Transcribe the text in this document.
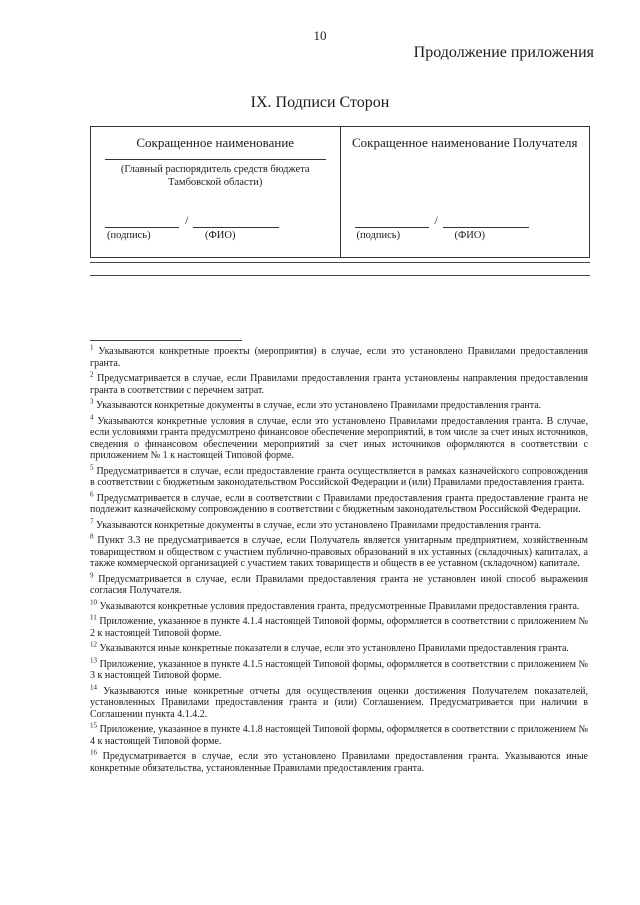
10
Продолжение приложения
IX. Подписи Сторон
Сокращенное наименование
(Главный распорядитель средств бюджета Тамбовской области)
/
(подпись)	(ФИО)
Сокращенное наименование Получателя
/
(подпись)	(ФИО)

$^1$ Указываются конкретные проекты (мероприятия) в случае, если это установлено Правилами предоставления гранта.

$^2$ Предусматривается в случае, если Правилами предоставления гранта установлены направления предоставления гранта в соответствии с перечнем затрат.

$^3$ Указываются конкретные документы в случае, если это установлено Правилами предоставления гранта.

$^4$ Указываются конкретные условия в случае, если это установлено Правилами предоставления гранта. В случае, если условиями гранта предусмотрено финансовое обеспечение мероприятий, в том числе за счет иных источников, сведения о финансовом обеспечении мероприятий за счет иных источников оформляются в соответствии с приложением № 1 к настоящей Типовой форме.

$^5$ Предусматривается в случае, если предоставление гранта осуществляется в рамках казначейского сопровождения в соответствии с бюджетным законодательством Российской Федерации и (или) Правилами предоставления гранта.

$^6$ Предусматривается в случае, если в соответствии с Правилами предоставления гранта предоставление гранта не подлежит казначейскому сопровождению в соответствии с бюджетным законодательством Российской Федерации.

$^7$ Указываются конкретные документы в случае, если это установлено Правилами предоставления гранта.

$^8$ Пункт 3.3 не предусматривается в случае, если Получатель является унитарным предприятием, хозяйственным товариществом и обществом с участием публично-правовых образований в их уставных (складочных) капиталах, а также коммерческой организацией с участием таких товариществ и обществ в ее уставном (складочном) капитале.

$^9$ Предусматривается в случае, если Правилами предоставления гранта не установлен иной способ выражения согласия Получателя.

$^{10}$ Указываются конкретные условия предоставления гранта, предусмотренные Правилами предоставления гранта.

$^{11}$ Приложение, указанное в пункте 4.1.4 настоящей Типовой формы, оформляется в соответствии с приложением № 2 к настоящей Типовой форме.

$^{12}$ Указываются иные конкретные показатели в случае, если это установлено Правилами предоставления гранта.

$^{13}$ Приложение, указанное в пункте 4.1.5 настоящей Типовой формы, оформляется в соответствии с приложением № 3 к настоящей Типовой форме.

$^{14}$ Указываются иные конкретные отчеты для осуществления оценки достижения Получателем показателей, установленных Правилами предоставления гранта и (или) Соглашением. Предусматривается при наличии в Соглашении пункта 4.1.4.2.

$^{15}$ Приложение, указанное в пункте 4.1.8 настоящей Типовой формы, оформляется в соответствии с приложением № 4 к настоящей Типовой форме.

$^{16}$ Предусматривается в случае, если это установлено Правилами предоставления гранта. Указываются иные конкретные обязательства, установленные Правилами предоставления гранта.
